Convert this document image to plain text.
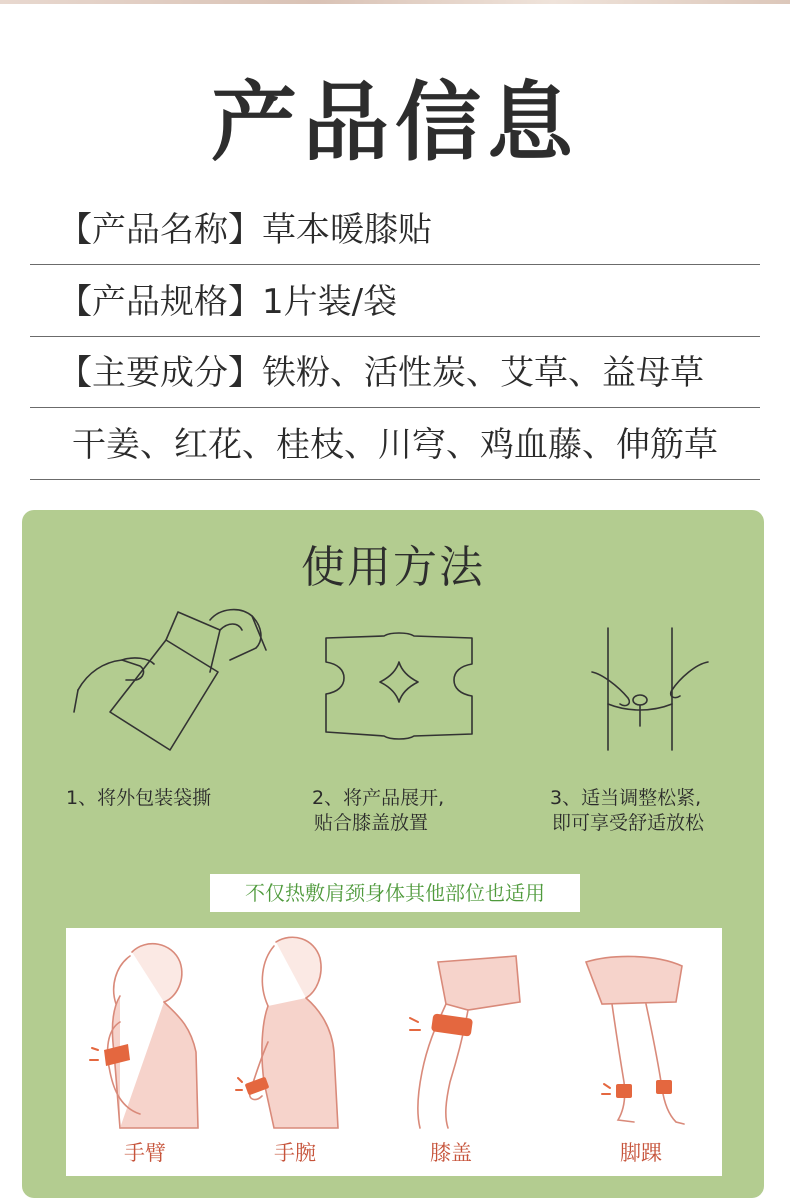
产品信息
【产品名称】草本暖膝贴
【产品规格】1片装/袋
【主要成分】铁粉、活性炭、艾草、益母草
干姜、红花、桂枝、川穹、鸡血藤、伸筋草
使用方法
1、将外包装袋撕	2、将产品展开,
贴合膝盖放置
3、适当调整松紧,
即可享受舒适放松
不仅热敷肩颈身体其他部位也适用
手臂	手腕	膝盖	脚踝
